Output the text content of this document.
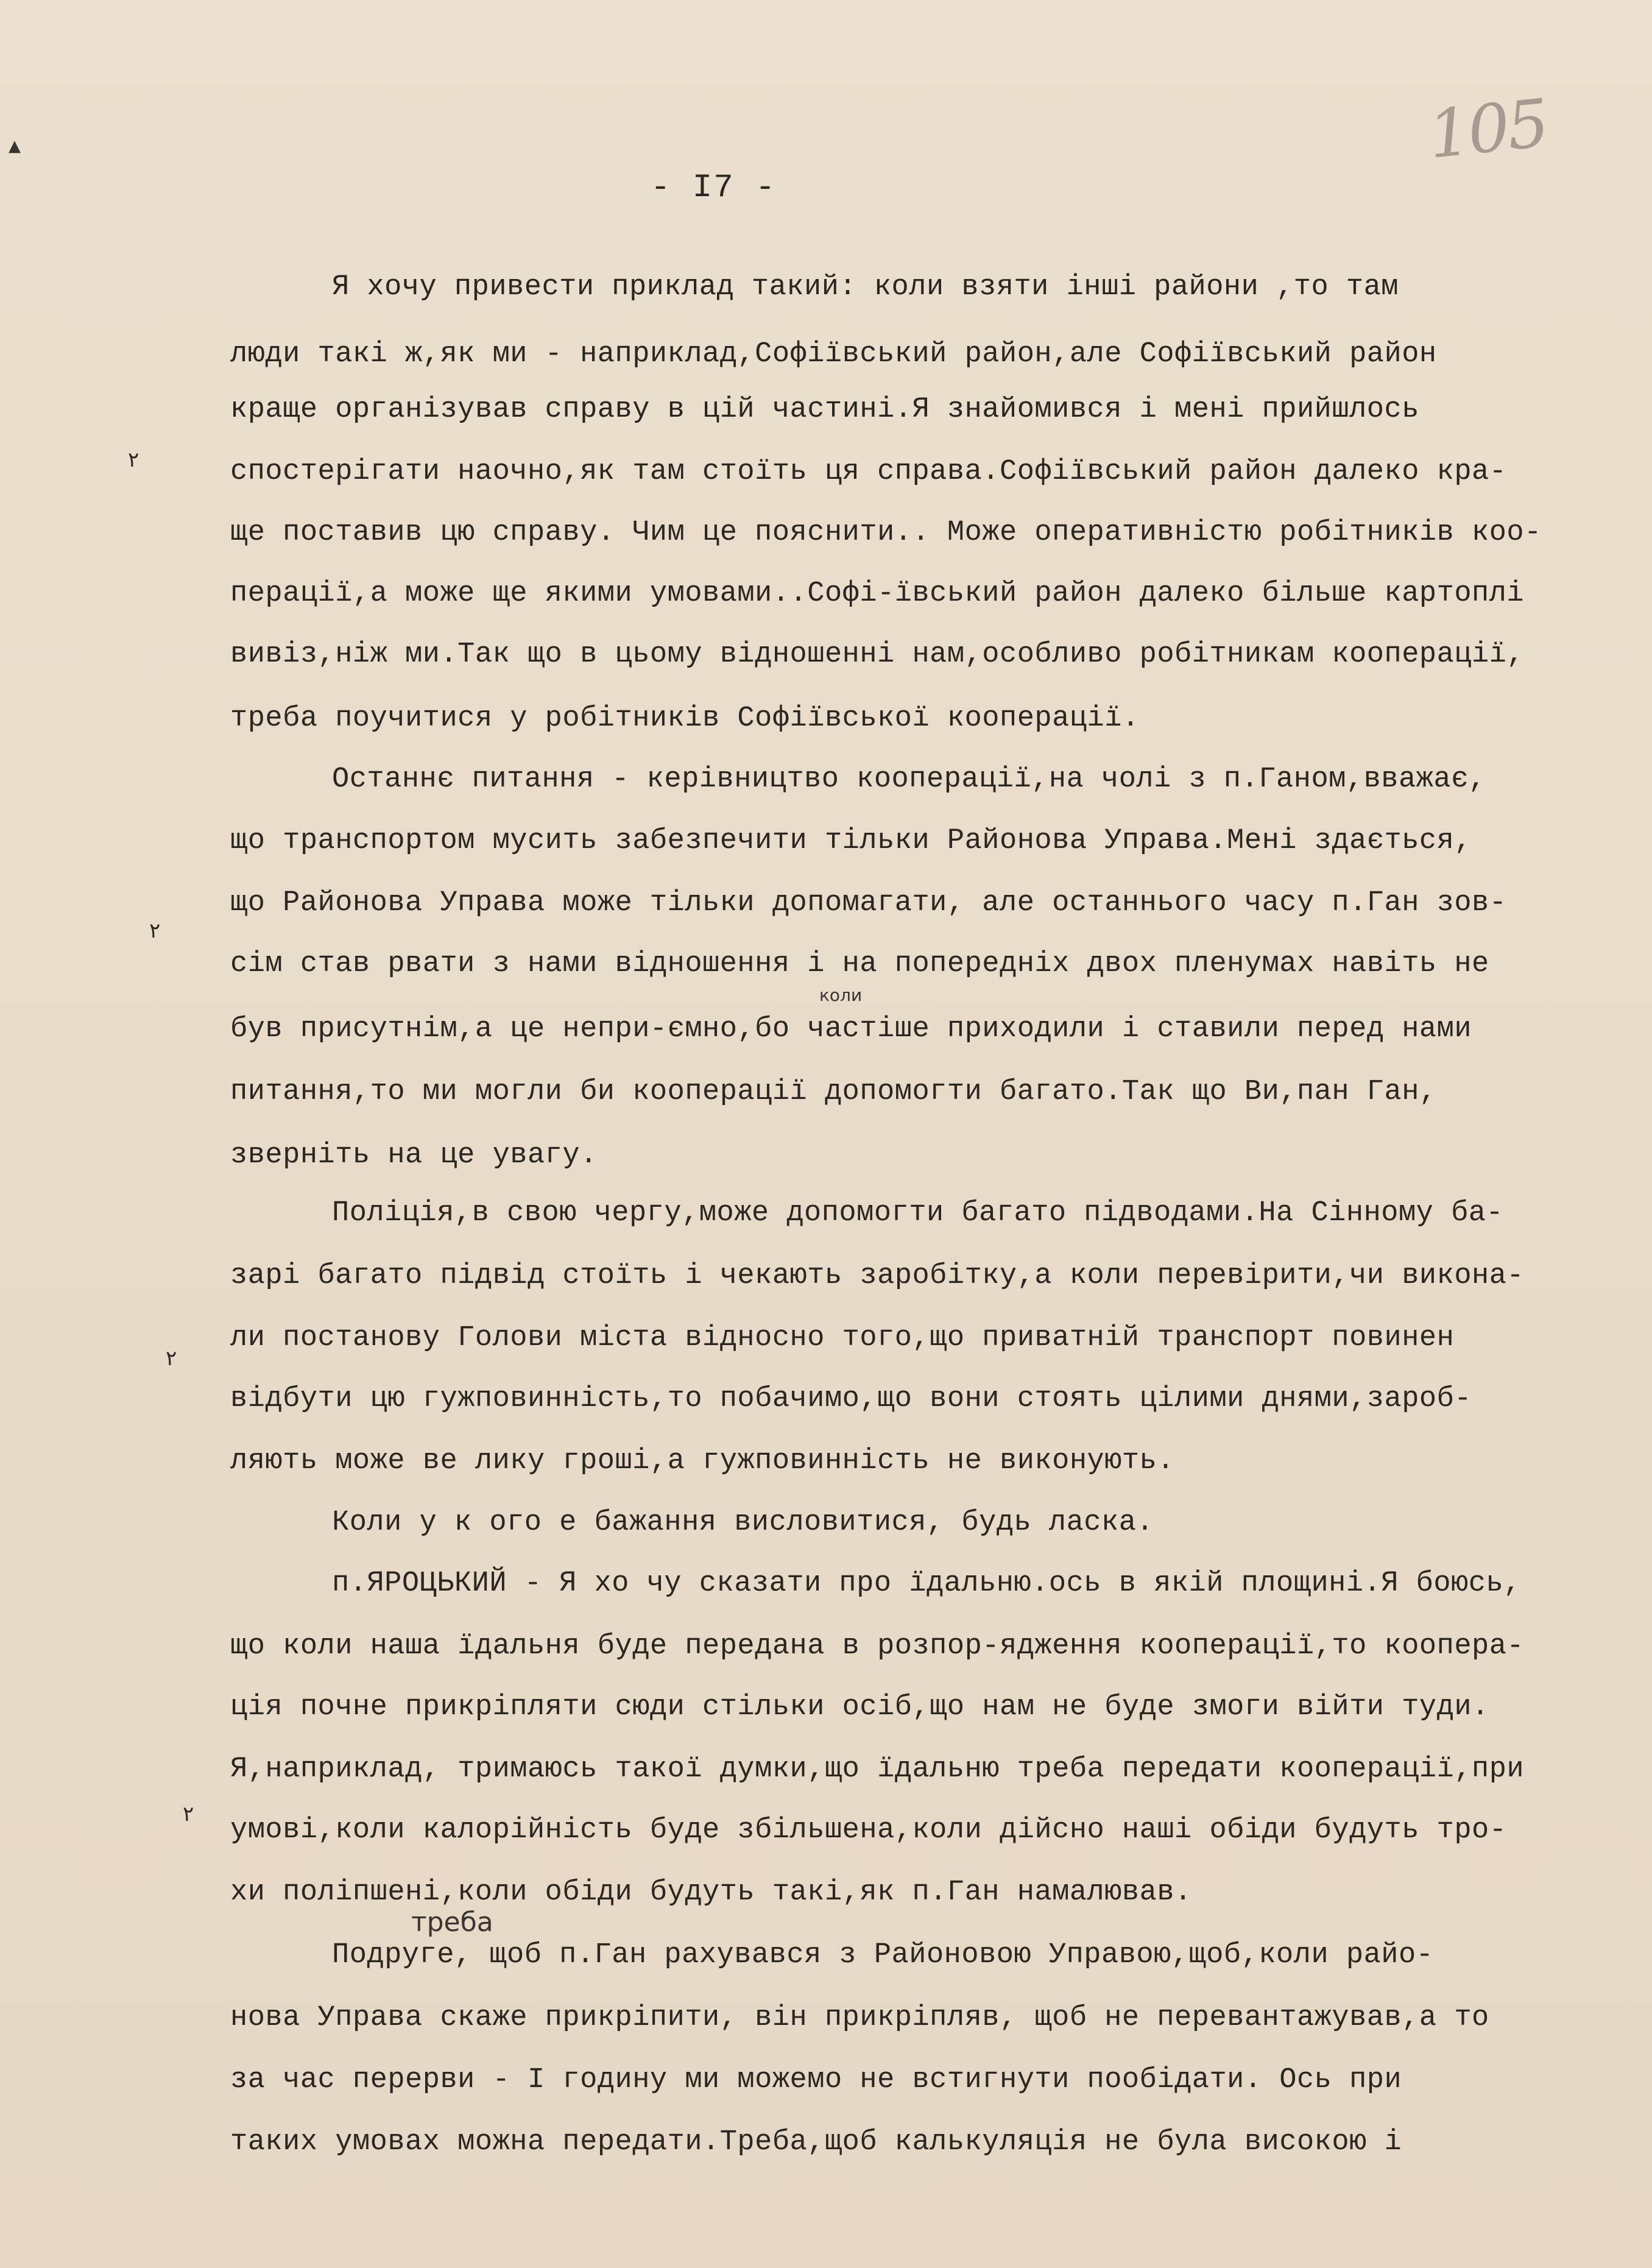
▲	105
- I7 -
٢
٢
٢
٢
коли
треба
Я хочу привести приклад такий: коли взяти інші райони ,то там
люди такі ж,як ми - наприклад,Софіївський район,але Софіївський район
краще організував справу в цій частині.Я знайомився і мені прийшлось
спостерігати наочно,як там стоїть ця справа.Софіївський район далеко кра-
ще поставив цю справу. Чим це пояснити.. Може оперативністю робітників коо-
перації,а може ще якими умовами..Софі-ївський район далеко більше картоплі
вивіз,ніж ми.Так що в цьому відношенні нам,особливо робітникам кооперації,
треба поучитися у робітників Софіївської кооперації.
Останнє питання - керівництво кооперації,на чолі з п.Ганом,вважає,
що транспортом мусить забезпечити тільки Районова Управа.Мені здається,
що Районова Управа може тільки допомагати, але останнього часу п.Ган зов-
сім став рвати з нами відношення і на попередніх двох пленумах навіть не
був присутнім,а це непри-ємно,бо частіше приходили і ставили перед нами
питання,то ми могли би кооперації допомогти багато.Так що Ви,пан Ган,
зверніть на це увагу.
Поліція,в свою чергу,може допомогти багато підводами.На Сінному ба-
зарі багато підвід стоїть і чекають заробітку,а коли перевірити,чи викона-
ли постанову Голови міста відносно того,що приватній транспорт повинен
відбути цю гужповинність,то побачимо,що вони стоять цілими днями,зароб-
ляють може ве лику гроші,а гужповинність не виконують.
Коли у к ого е бажання висловитися, будь ласка.
п.ЯРОЦЬКИЙ - Я хо чу сказати про їдальню.ось в якій площині.Я боюсь,
що коли наша їдальня буде передана в розпор-ядження кооперації,то коопера-
ція почне прикріпляти сюди стільки осіб,що нам не буде змоги війти туди.
Я,наприклад, тримаюсь такої думки,що їдальню треба передати кооперації,при
умові,коли калорійність буде збільшена,коли дійсно наші обіди будуть тро-
хи поліпшені,коли обіди будуть такі,як п.Ган намалював.
Подруге, щоб п.Ган рахувався з Районовою Управою,щоб,коли райо-
нова Управа скаже прикріпити, він прикріпляв, щоб не перевантажував,а то
за час перерви - І годину ми можемо не встигнути пообідати. Ось при
таких умовах можна передати.Треба,щоб калькуляція не була високою і
